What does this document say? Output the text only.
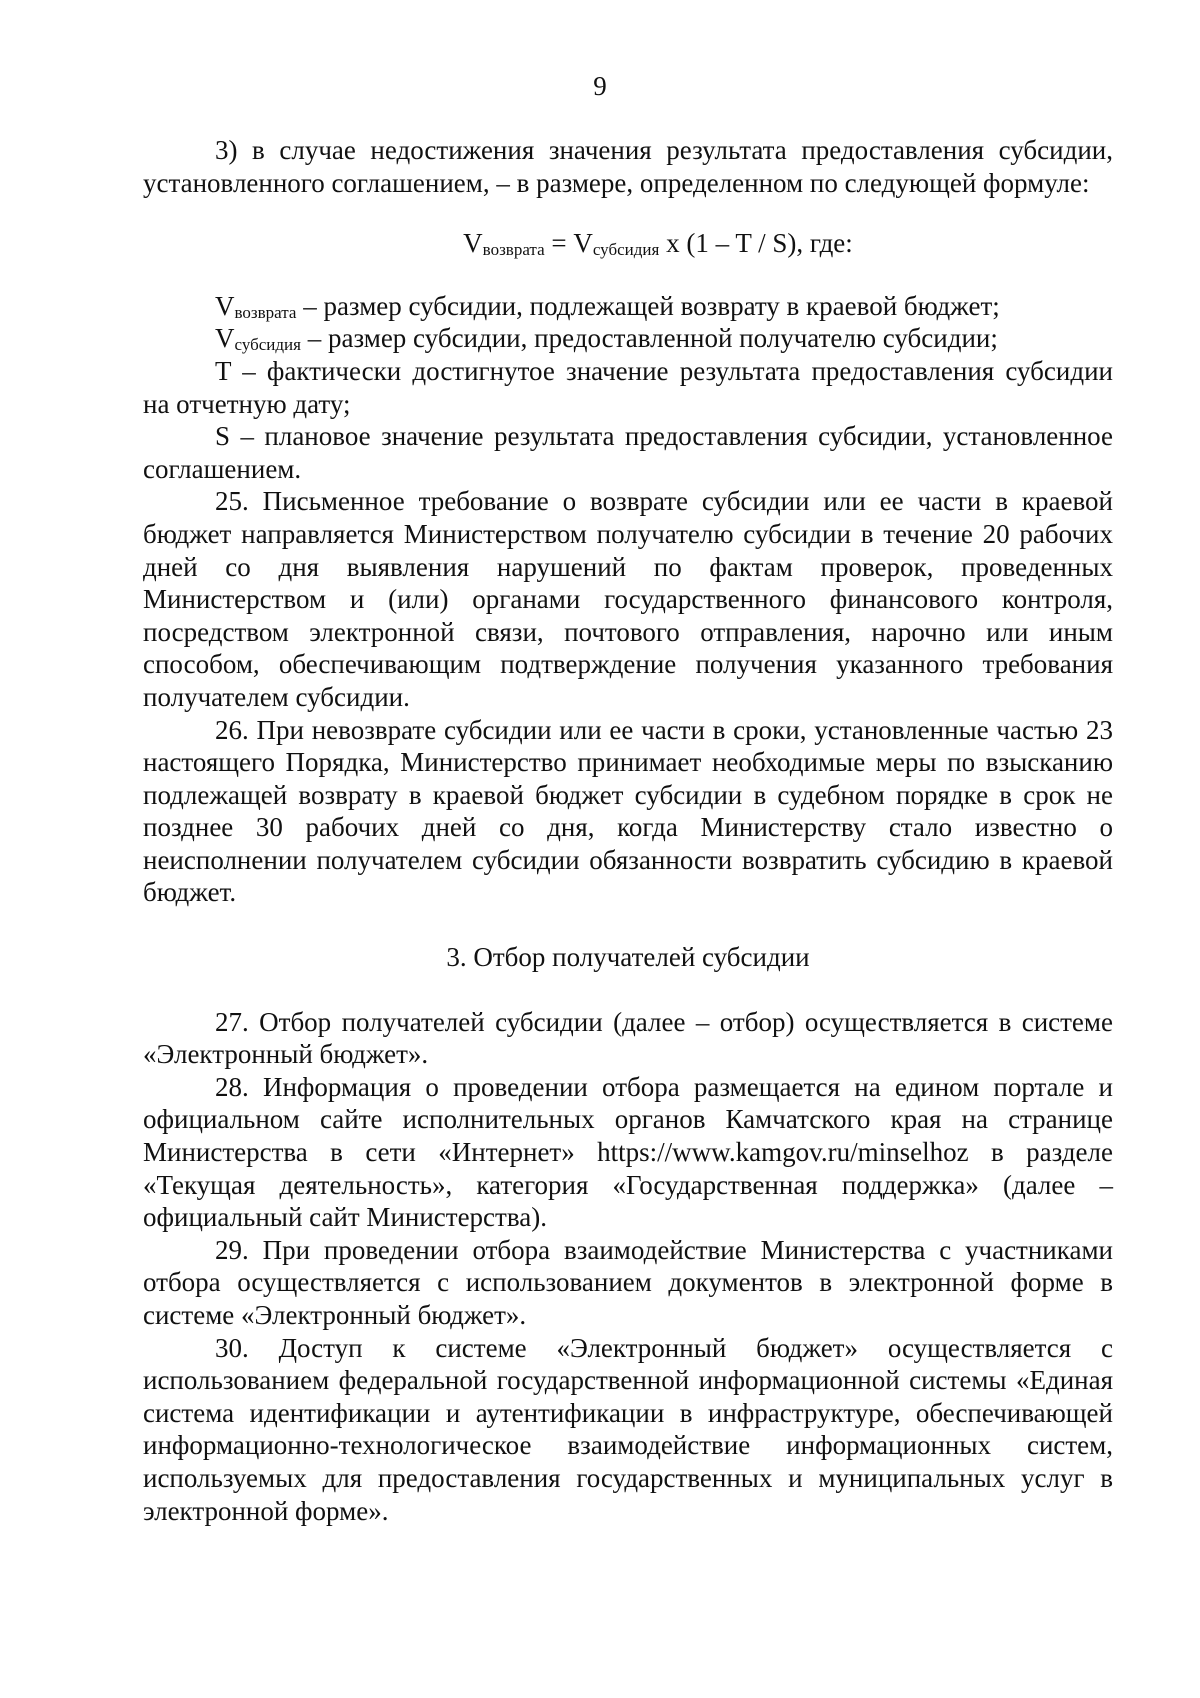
9

3) в случае недостижения значения результата предоставления субсидии, установленного соглашением, – в размере, определенном по следующей формуле:

$V_{возврата} = V_{субсидия}$ x (1 – T / S), где:

$V_{возврата}$ – размер субсидии, подлежащей возврату в краевой бюджет;

$V_{субсидия}$ – размер субсидии, предоставленной получателю субсидии;

T – фактически достигнутое значение результата предоставления субсидии на отчетную дату;

S – плановое значение результата предоставления субсидии, установленное соглашением.

25. Письменное требование о возврате субсидии или ее части в краевой бюджет направляется Министерством получателю субсидии в течение 20 рабочих дней со дня выявления нарушений по фактам проверок, проведенных Министерством и (или) органами государственного финансового контроля, посредством электронной связи, почтового отправления, нарочно или иным способом, обеспечивающим подтверждение получения указанного требования получателем субсидии.

26. При невозврате субсидии или ее части в сроки, установленные частью 23 настоящего Порядка, Министерство принимает необходимые меры по взысканию подлежащей возврату в краевой бюджет субсидии в судебном порядке в срок не позднее 30 рабочих дней со дня, когда Министерству стало известно о неисполнении получателем субсидии обязанности возвратить субсидию в краевой бюджет.

3. Отбор получателей субсидии

27. Отбор получателей субсидии (далее – отбор) осуществляется в системе «Электронный бюджет».

28. Информация о проведении отбора размещается на едином портале и официальном сайте исполнительных органов Камчатского края на странице Министерства в сети «Интернет» https://www.kamgov.ru/minselhoz в разделе «Текущая деятельность», категория «Государственная поддержка» (далее – официальный сайт Министерства).

29. При проведении отбора взаимодействие Министерства с участниками отбора осуществляется с использованием документов в электронной форме в системе «Электронный бюджет».

30. Доступ к системе «Электронный бюджет» осуществляется с использованием федеральной государственной информационной системы «Единая система идентификации и аутентификации в инфраструктуре, обеспечивающей информационно-технологическое взаимодействие информационных систем, используемых для предоставления государственных и муниципальных услуг в электронной форме».
